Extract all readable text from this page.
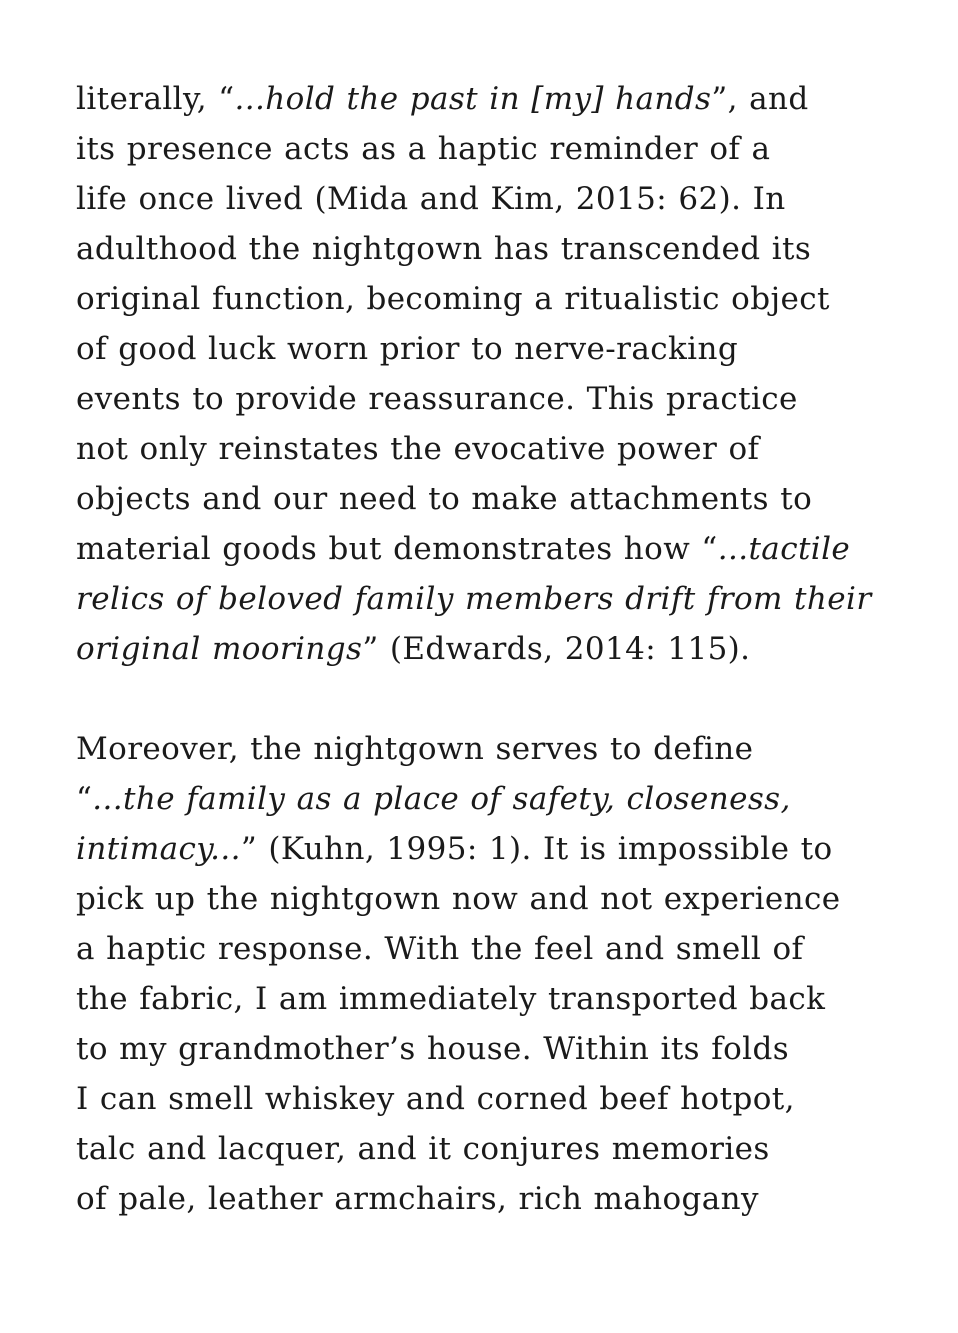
literally, “...hold the past in [my] hands”, and
its presence acts as a haptic reminder of a
life once lived (Mida and Kim, 2015: 62). In
adulthood the nightgown has transcended its
original function, becoming a ritualistic object
of good luck worn prior to nerve-racking
events to provide reassurance. This practice
not only reinstates the evocative power of
objects and our need to make attachments to
material goods but demonstrates how “...tactile
relics of beloved family members drift from their
original moorings” (Edwards, 2014: 115).

Moreover, the nightgown serves to define
“...the family as a place of safety, closeness,
intimacy...” (Kuhn, 1995: 1). It is impossible to
pick up the nightgown now and not experience
a haptic response. With the feel and smell of
the fabric, I am immediately transported back
to my grandmother’s house. Within its folds
I can smell whiskey and corned beef hotpot,
talc and lacquer, and it conjures memories
of pale, leather armchairs, rich mahogany
